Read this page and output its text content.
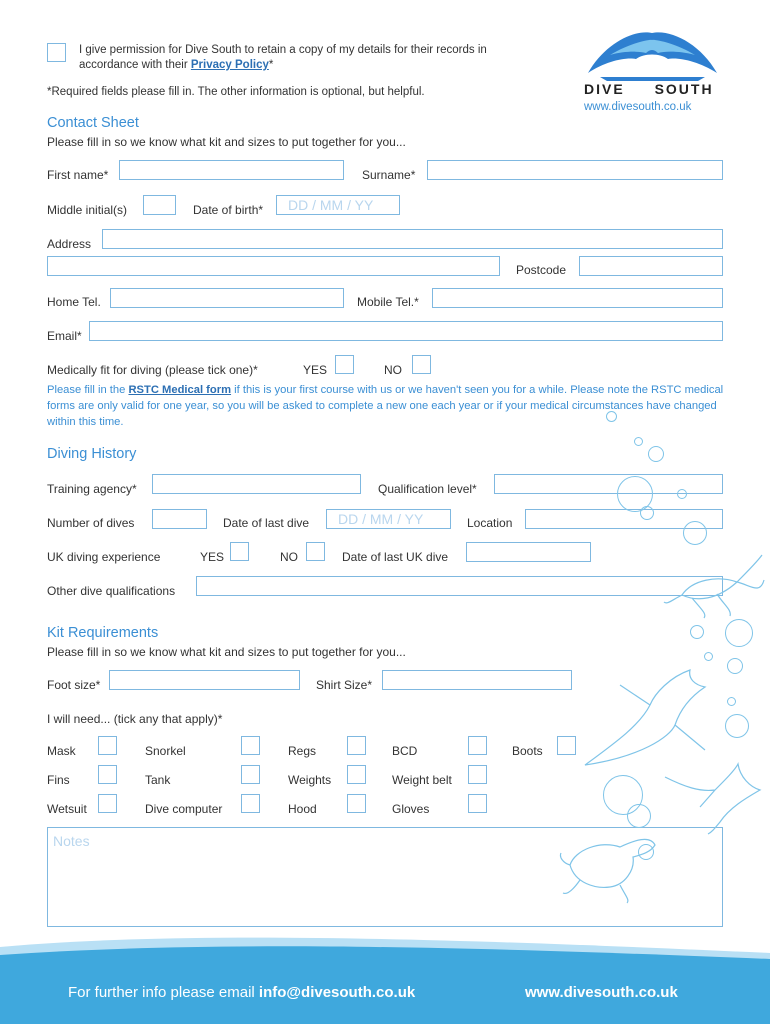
I give permission for Dive South to retain a copy of my details for their records in accordance with their Privacy Policy*
*Required fields please fill in. The other information is optional, but helpful.	DIVE SOUTH
www.divesouth.co.uk
Contact Sheet
Please fill in so we know what kit and sizes to put together for you...
First name*	Surname*
Middle initial(s)	Date of birth* DD / MM / YY
Address
Postcode
Home Tel.	Mobile Tel.*
Email*
Medically fit for diving (please tick one)*	YES	NO
Please fill in the RSTC Medical form if this is your first course with us or we haven't seen you for a while. Please note the RSTC medical forms are only valid for one year, so you will be asked to complete a new one each year or if your medical circumstances have changed within this time.
Diving History
Training agency*	Qualification level*
Number of dives	Date of last dive DD / MM / YY	Location
UK diving experience	YES	NO	Date of last UK dive
Other dive qualifications
Kit Requirements
Please fill in so we know what kit and sizes to put together for you...
Foot size*	Shirt Size*
I will need... (tick any that apply)*
Mask	Snorkel	Regs	BCD	Boots
Fins	Tank	Weights	Weight belt
Wetsuit	Dive computer	Hood	Gloves
Notes
For further info please email info@divesouth.co.uk	www.divesouth.co.uk
